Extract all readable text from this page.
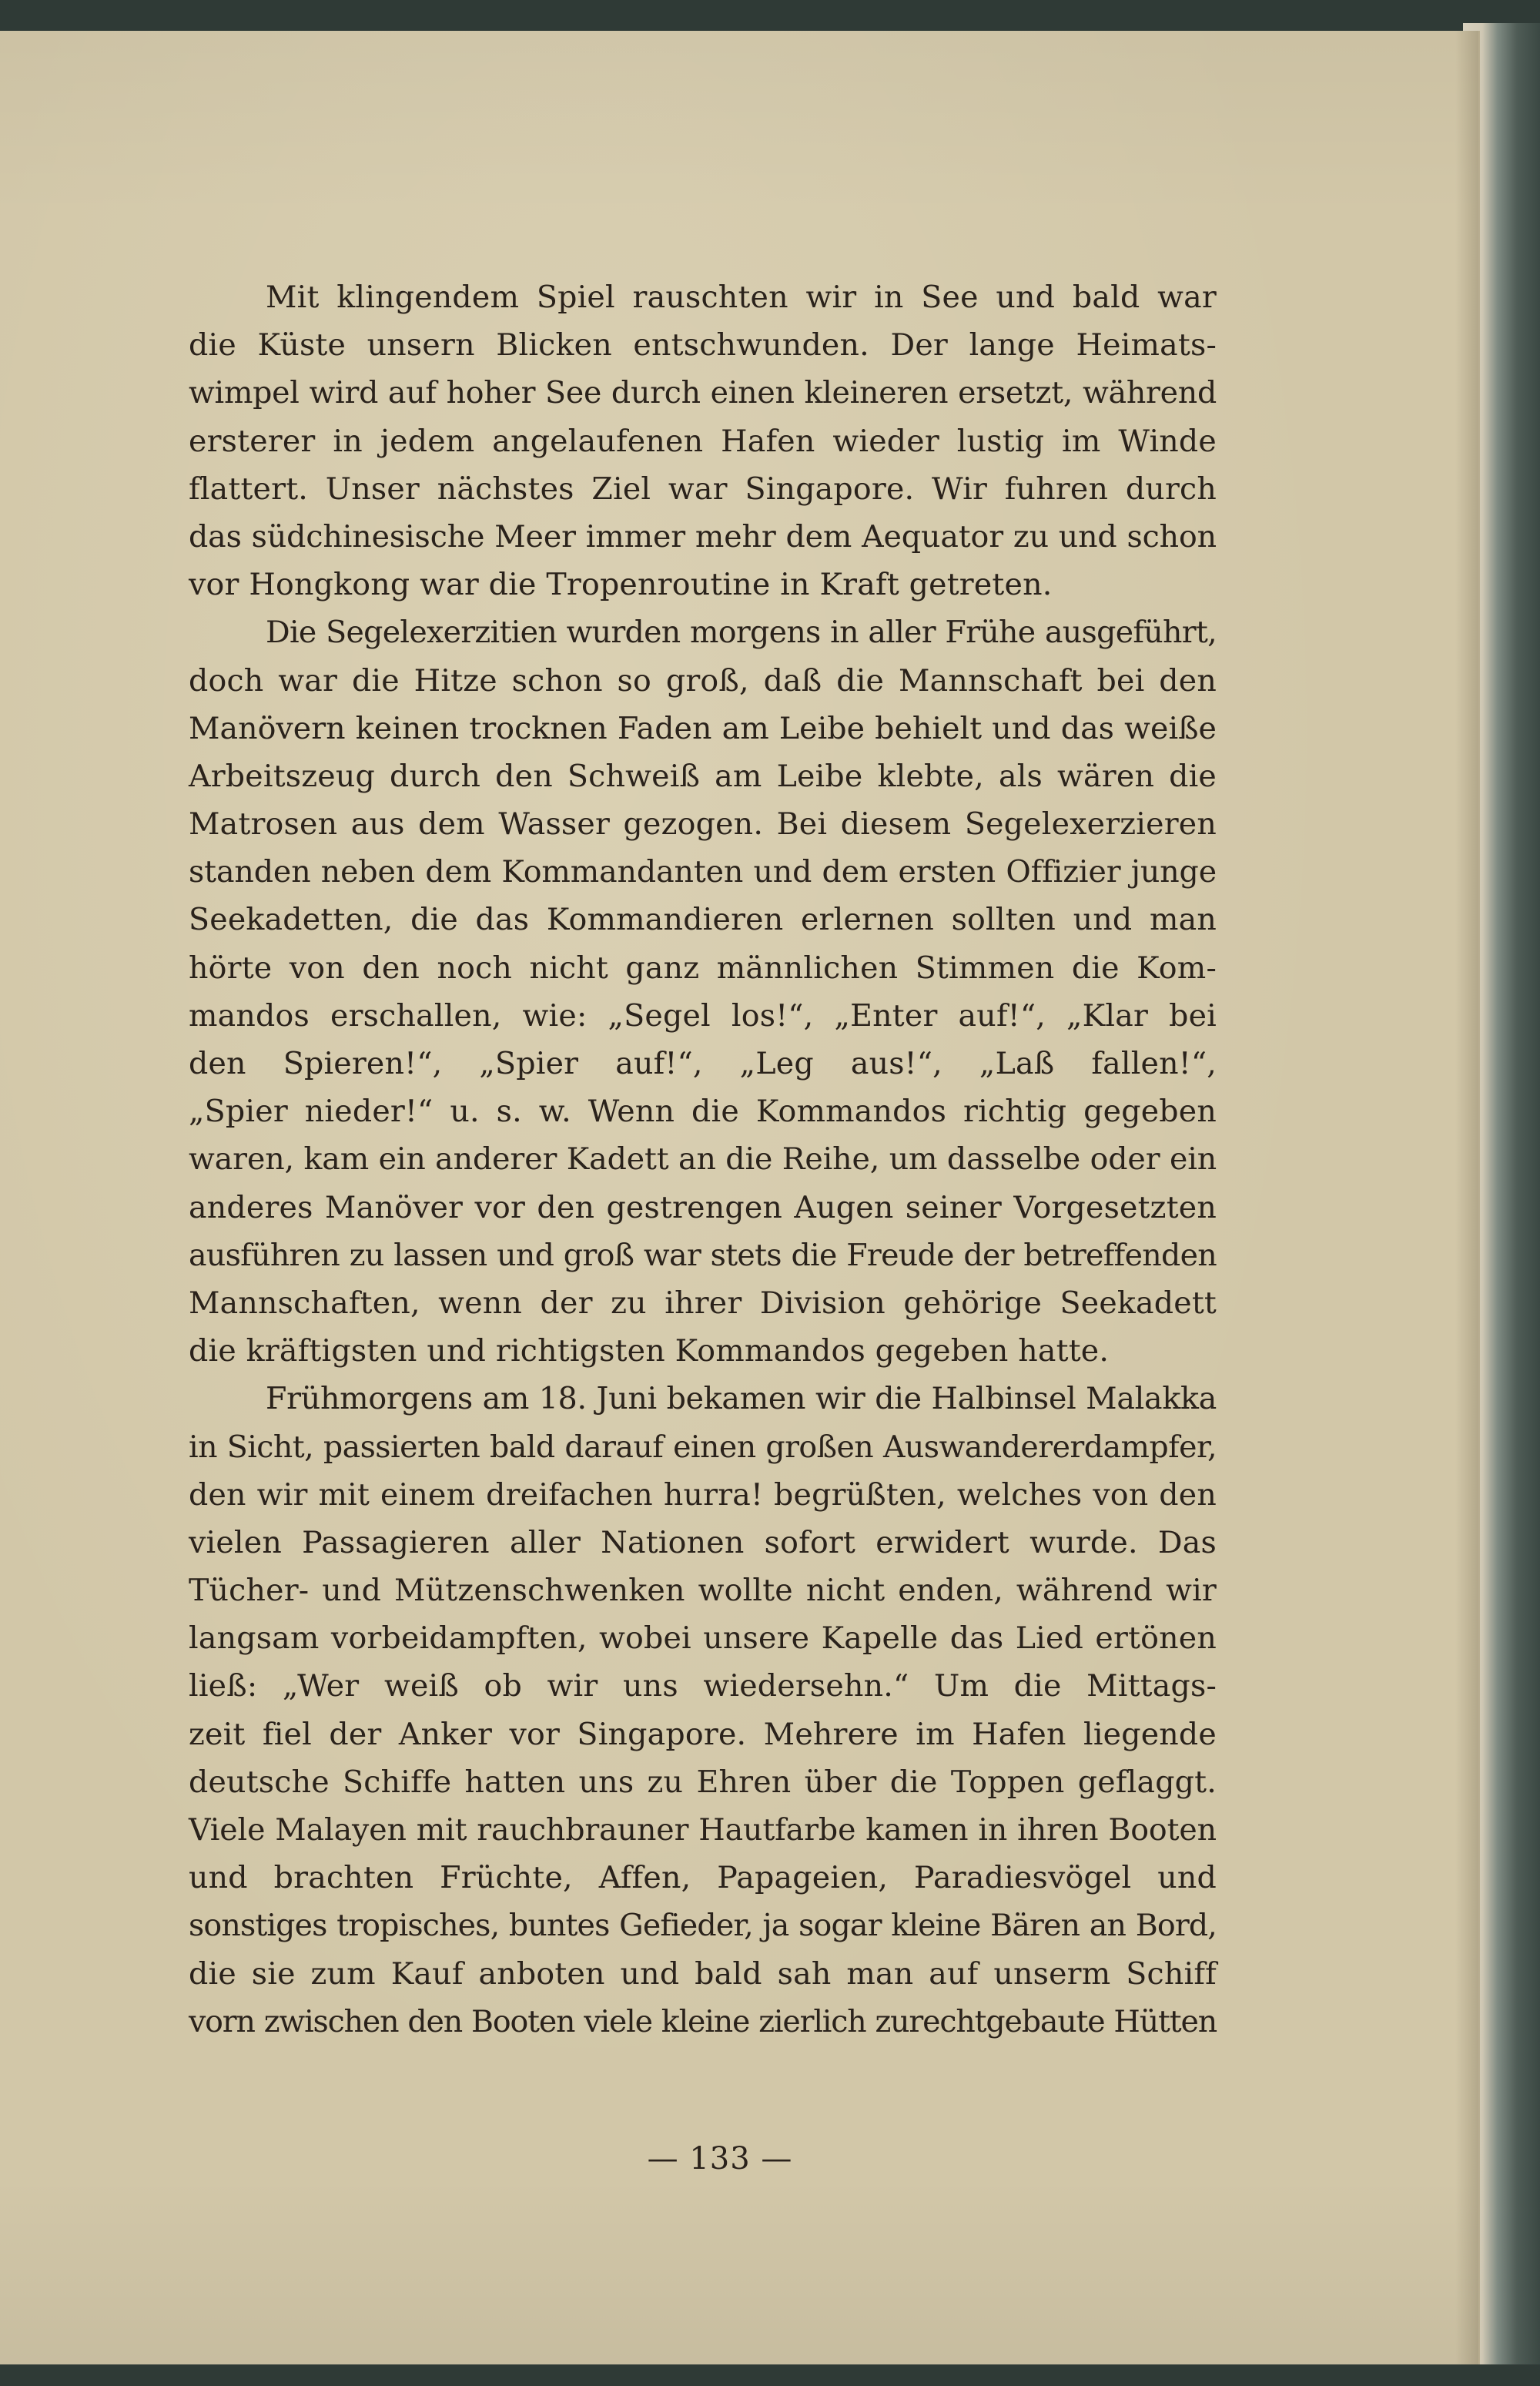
Mit klingendem Spiel rauschten wir in See und bald war
die Küste unsern Blicken entschwunden. Der lange Heimats-
wimpel wird auf hoher See durch einen kleineren ersetzt, während
ersterer in jedem angelaufenen Hafen wieder lustig im Winde
flattert. Unser nächstes Ziel war Singapore. Wir fuhren durch
das südchinesische Meer immer mehr dem Aequator zu und schon
vor Hongkong war die Tropenroutine in Kraft getreten.
Die Segelexerzitien wurden morgens in aller Frühe ausgeführt,
doch war die Hitze schon so groß, daß die Mannschaft bei den
Manövern keinen trocknen Faden am Leibe behielt und das weiße
Arbeitszeug durch den Schweiß am Leibe klebte, als wären die
Matrosen aus dem Wasser gezogen. Bei diesem Segelexerzieren
standen neben dem Kommandanten und dem ersten Offizier junge
Seekadetten, die das Kommandieren erlernen sollten und man
hörte von den noch nicht ganz männlichen Stimmen die Kom-
mandos erschallen, wie: „Segel los!“, „Enter auf!“, „Klar bei
den Spieren!“, „Spier auf!“, „Leg aus!“, „Laß fallen!“,
„Spier nieder!“ u. s. w. Wenn die Kommandos richtig gegeben
waren, kam ein anderer Kadett an die Reihe, um dasselbe oder ein
anderes Manöver vor den gestrengen Augen seiner Vorgesetzten
ausführen zu lassen und groß war stets die Freude der betreffenden
Mannschaften, wenn der zu ihrer Division gehörige Seekadett
die kräftigsten und richtigsten Kommandos gegeben hatte.
Frühmorgens am 18. Juni bekamen wir die Halbinsel Malakka
in Sicht, passierten bald darauf einen großen Auswandererdampfer,
den wir mit einem dreifachen hurra! begrüßten, welches von den
vielen Passagieren aller Nationen sofort erwidert wurde. Das
Tücher- und Mützenschwenken wollte nicht enden, während wir
langsam vorbeidampften, wobei unsere Kapelle das Lied ertönen
ließ: „Wer weiß ob wir uns wiedersehn.“ Um die Mittags-
zeit fiel der Anker vor Singapore. Mehrere im Hafen liegende
deutsche Schiffe hatten uns zu Ehren über die Toppen geflaggt.
Viele Malayen mit rauchbrauner Hautfarbe kamen in ihren Booten
und brachten Früchte, Affen, Papageien, Paradiesvögel und
sonstiges tropisches, buntes Gefieder, ja sogar kleine Bären an Bord,
die sie zum Kauf anboten und bald sah man auf unserm Schiff
vorn zwischen den Booten viele kleine zierlich zurechtgebaute Hütten
— 133 —
